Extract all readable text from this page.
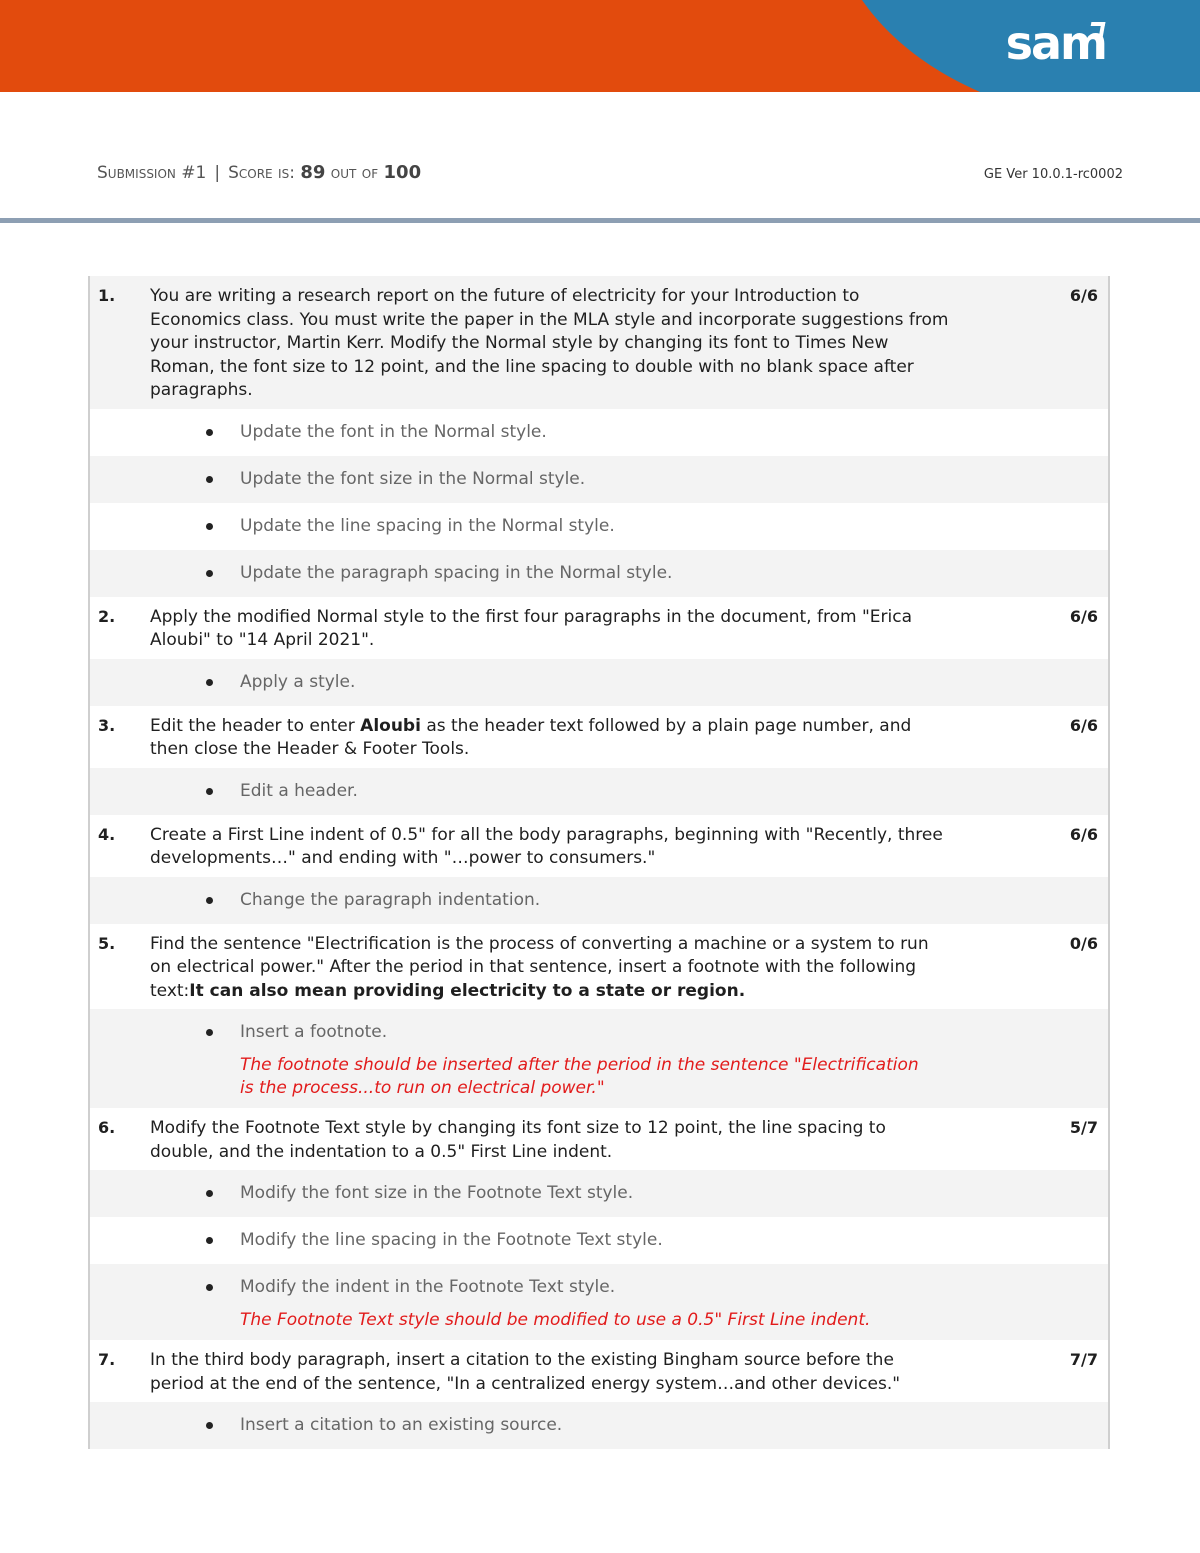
sam
Submission #1 | Score is: 89 out of 100	GE Ver 10.0.1-rc0002
1. You are writing a research report on the future of electricity for your Introduction to Economics class. You must write the paper in the MLA style and incorporate suggestions from your instructor, Martin Kerr. Modify the Normal style by changing its font to Times New Roman, the font size to 12 point, and the line spacing to double with no blank space after paragraphs.
6/6
Update the font in the Normal style.
Update the font size in the Normal style.
Update the line spacing in the Normal style.
Update the paragraph spacing in the Normal style.
2. Apply the modified Normal style to the first four paragraphs in the document, from "Erica Aloubi" to "14 April 2021".
6/6
Apply a style.
3. Edit the header to enter Aloubi as the header text followed by a plain page number, and then close the Header & Footer Tools.
6/6
Edit a header.
4. Create a First Line indent of 0.5" for all the body paragraphs, beginning with "Recently, three developments…" and ending with "…power to consumers."
6/6
Change the paragraph indentation.
5. Find the sentence "Electrification is the process of converting a machine or a system to run on electrical power." After the period in that sentence, insert a footnote with the following text:It can also mean providing electricity to a state or region.
0/6
Insert a footnote.
The footnote should be inserted after the period in the sentence "Electrification is the process...to run on electrical power."
6. Modify the Footnote Text style by changing its font size to 12 point, the line spacing to double, and the indentation to a 0.5" First Line indent.
5/7
Modify the font size in the Footnote Text style.
Modify the line spacing in the Footnote Text style.
Modify the indent in the Footnote Text style.
The Footnote Text style should be modified to use a 0.5" First Line indent.
7. In the third body paragraph, insert a citation to the existing Bingham source before the period at the end of the sentence, "In a centralized energy system…and other devices."
7/7
Insert a citation to an existing source.
